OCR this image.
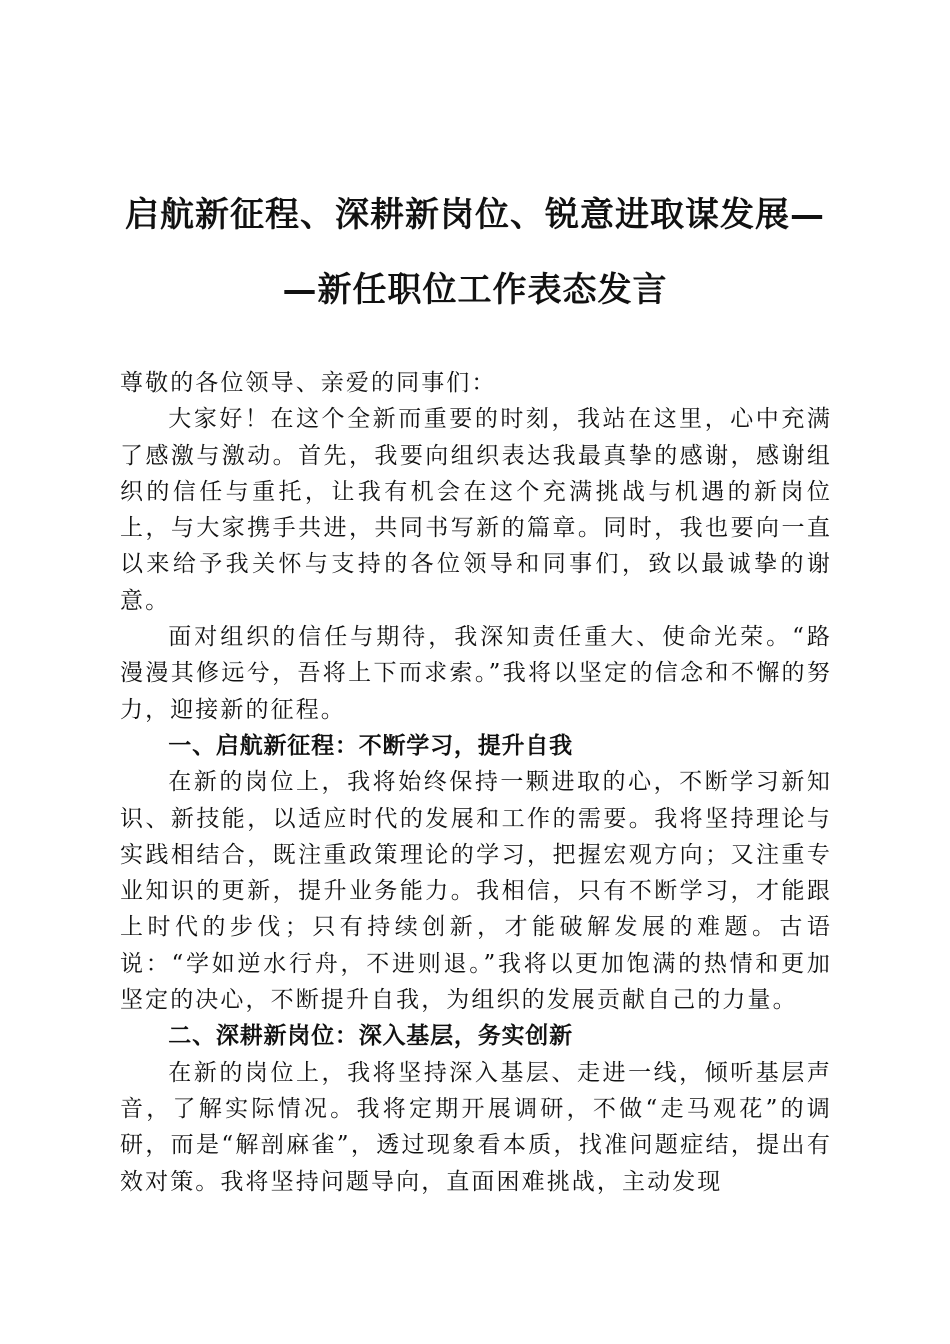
启航新征程、深耕新岗位、锐意进取谋发展—
—新任职位工作表态发言

尊敬的各位领导、亲爱的同事们：

大家好！在这个全新而重要的时刻，我站在这里，心中充满了感激与激动。首先，我要向组织表达我最真挚的感谢，感谢组织的信任与重托，让我有机会在这个充满挑战与机遇的新岗位上，与大家携手共进，共同书写新的篇章。同时，我也要向一直以来给予我关怀与支持的各位领导和同事们，致以最诚挚的谢意。

面对组织的信任与期待，我深知责任重大、使命光荣。“路漫漫其修远兮，吾将上下而求索。”我将以坚定的信念和不懈的努力，迎接新的征程。

一、启航新征程：不断学习，提升自我

在新的岗位上，我将始终保持一颗进取的心，不断学习新知识、新技能，以适应时代的发展和工作的需要。我将坚持理论与实践相结合，既注重政策理论的学习，把握宏观方向；又注重专业知识的更新，提升业务能力。我相信，只有不断学习，才能跟上时代的步伐；只有持续创新，才能破解发展的难题。古语说：“学如逆水行舟，不进则退。”我将以更加饱满的热情和更加坚定的决心，不断提升自我，为组织的发展贡献自己的力量。

二、深耕新岗位：深入基层，务实创新

在新的岗位上，我将坚持深入基层、走进一线，倾听基层声音，了解实际情况。我将定期开展调研，不做“走马观花”的调研，而是“解剖麻雀”，透过现象看本质，找准问题症结，提出有效对策。我将坚持问题导向，直面困难挑战，主动发现
